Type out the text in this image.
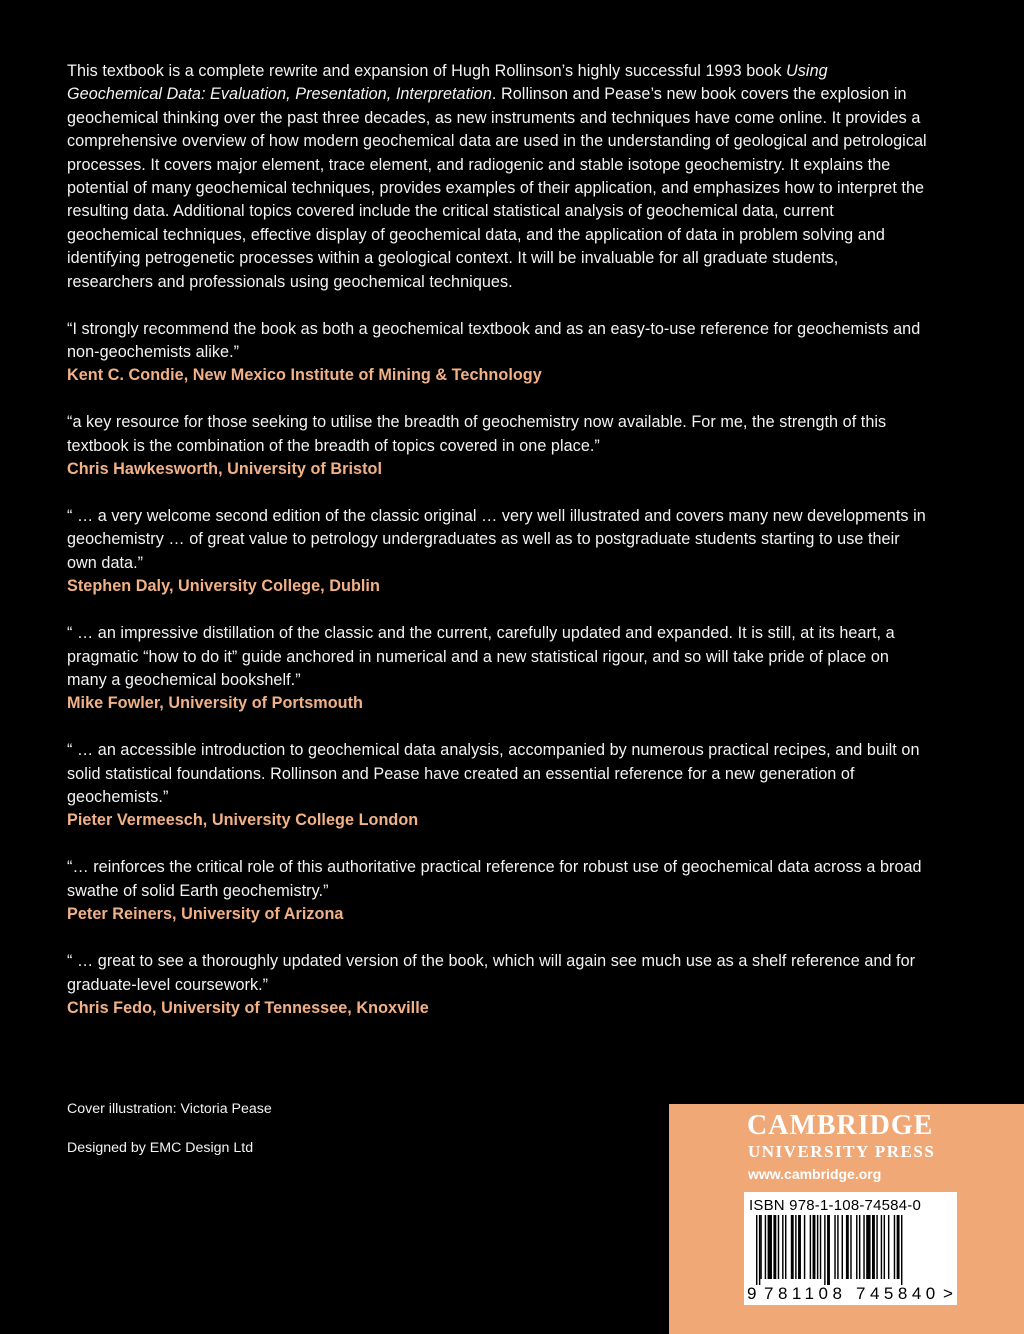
This textbook is a complete rewrite and expansion of Hugh Rollinson’s highly successful 1993 book Using Geochemical Data: Evaluation, Presentation, Interpretation. Rollinson and Pease’s new book covers the explosion in geochemical thinking over the past three decades, as new instruments and techniques have come online. It provides a comprehensive overview of how modern geochemical data are used in the understanding of geological and petrological processes. It covers major element, trace element, and radiogenic and stable isotope geochemistry. It explains the potential of many geochemical techniques, provides examples of their application, and emphasizes how to interpret the resulting data. Additional topics covered include the critical statistical analysis of geochemical data, current geochemical techniques, effective display of geochemical data, and the application of data in problem solving and identifying petrogenetic processes within a geological context. It will be invaluable for all graduate students, researchers and professionals using geochemical techniques.

“I strongly recommend the book as both a geochemical textbook and as an easy-to-use reference for geochemists and non-geochemists alike.”
Kent C. Condie, New Mexico Institute of Mining & Technology
“a key resource for those seeking to utilise the breadth of geochemistry now available. For me, the strength of this textbook is the combination of the breadth of topics covered in one place.”
Chris Hawkesworth, University of Bristol
“ … a very welcome second edition of the classic original … very well illustrated and covers many new developments in geochemistry … of great value to petrology undergraduates as well as to postgraduate students starting to use their own data.”
Stephen Daly, University College, Dublin
“ … an impressive distillation of the classic and the current, carefully updated and expanded. It is still, at its heart, a pragmatic “how to do it” guide anchored in numerical and a new statistical rigour, and so will take pride of place on many a geochemical bookshelf.”
Mike Fowler, University of Portsmouth
“ … an accessible introduction to geochemical data analysis, accompanied by numerous practical recipes, and built on solid statistical foundations. Rollinson and Pease have created an essential reference for a new generation of geochemists.”
Pieter Vermeesch, University College London
“… reinforces the critical role of this authoritative practical reference for robust use of geochemical data across a broad swathe of solid Earth geochemistry.”
Peter Reiners, University of Arizona
“ … great to see a thoroughly updated version of the book, which will again see much use as a shelf reference and for graduate-level coursework.”
Chris Fedo, University of Tennessee, Knoxville
Cover illustration: Victoria Pease
Designed by EMC Design Ltd
CAMBRIDGE
UNIVERSITY PRESS
www.cambridge.org
ISBN 978-1-108-74584-0
9 781108 745840 >
